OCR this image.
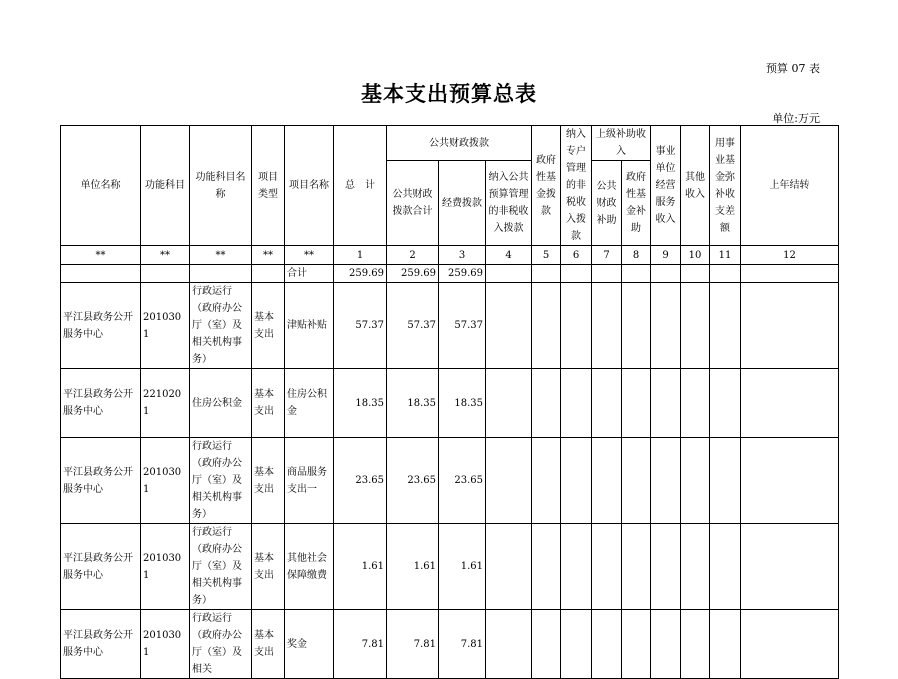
预算 07 表
基本支出预算总表
单位:万元
单位名称	功能科目	功能科目名称	项目类型	项目名称	总　计	公共财政拨款			政府性基金拨款	纳入专户管理的非税收入拨款	上级补助收入		事业单位经营服务收入	其他收入	用事业基金弥补收支差额	上年结转
						公共财政拨款合计	经费拨款	纳入公共预算管理的非税收入拨款			公共财政补助	政府性基金补助				
**	**	**	**	**	1	2	3	4	5	6	7	8	9	10	11	12
				合计	259.69	259.69	259.69									
平江县政务公开服务中心	2010301	行政运行（政府办公厅（室）及相关机构事务）	基本支出	津贴补贴	57.37	57.37	57.37									
平江县政务公开服务中心	2210201	住房公积金	基本支出	住房公积金	18.35	18.35	18.35									
平江县政务公开服务中心	2010301	行政运行（政府办公厅（室）及相关机构事务）	基本支出	商品服务支出一	23.65	23.65	23.65									
平江县政务公开服务中心	2010301	行政运行（政府办公厅（室）及相关机构事务）	基本支出	其他社会保障缴费	1.61	1.61	1.61									
平江县政务公开服务中心	2010301	行政运行（政府办公厅（室）及相关	基本支出	奖金	7.81	7.81	7.81									
